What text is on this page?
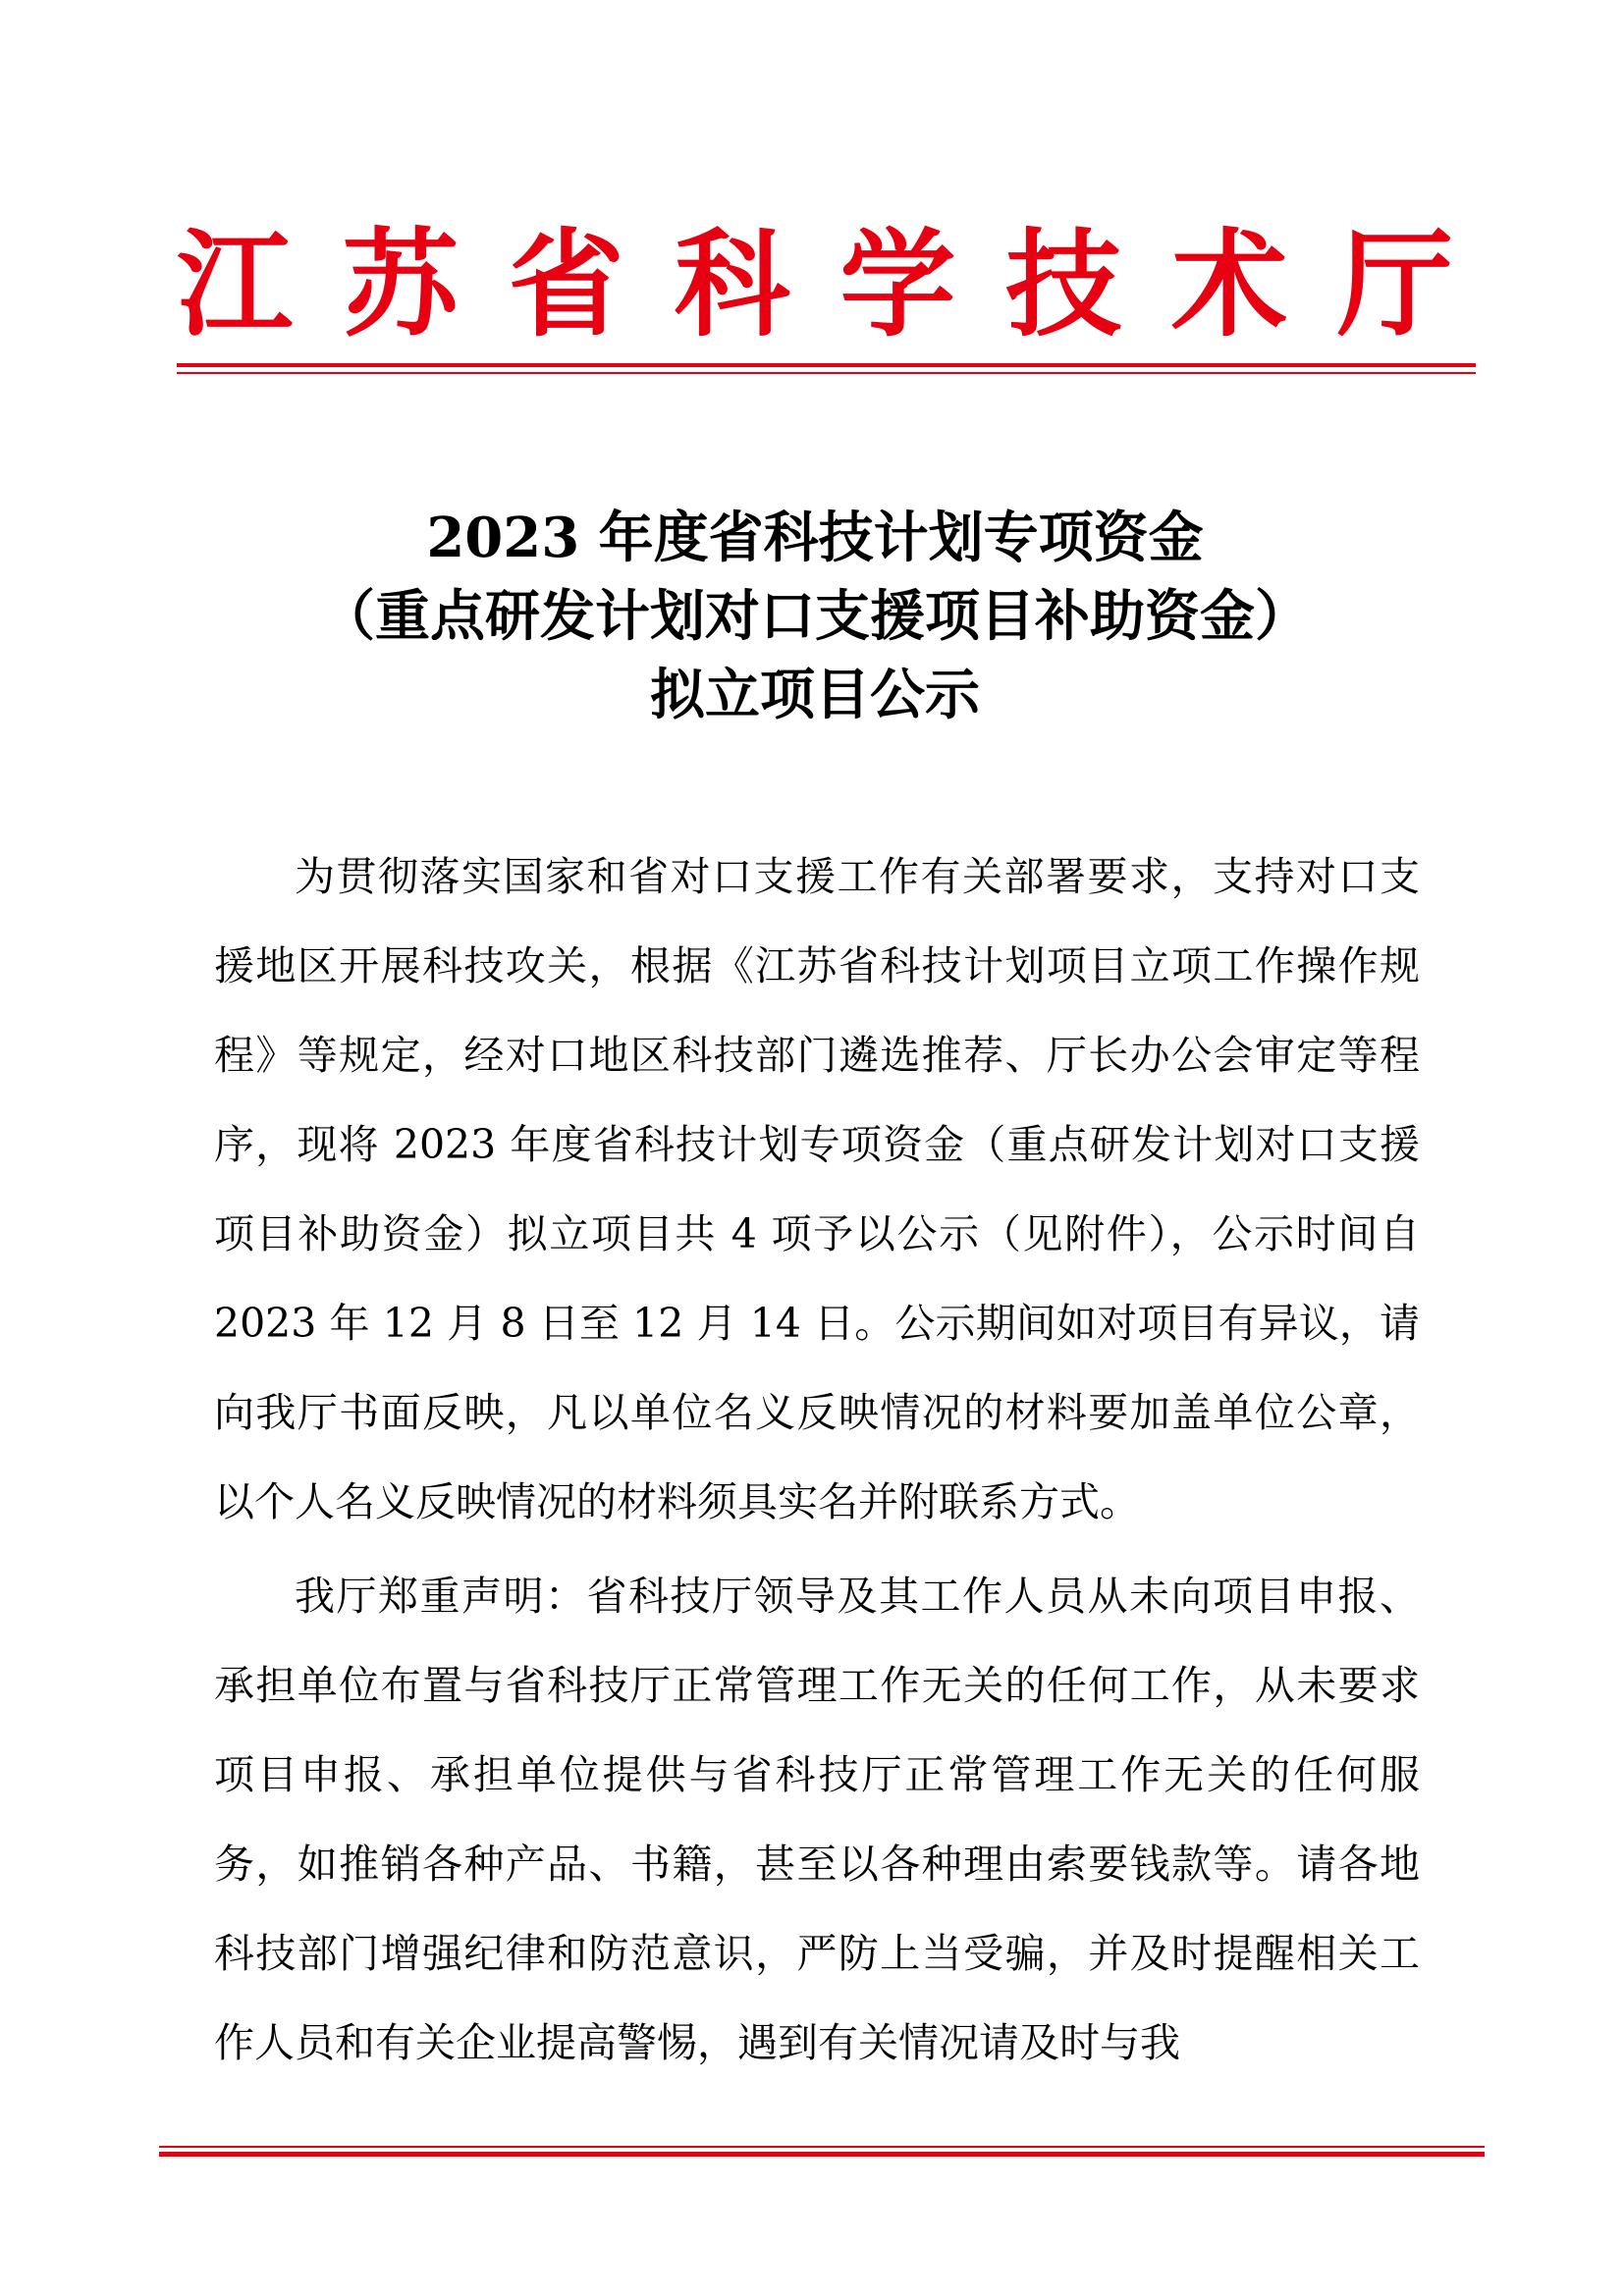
江 苏 省 科 学 技 术 厅
2023 年度省科技计划专项资金
（重点研发计划对口支援项目补助资金）
拟立项目公示

为贯彻落实国家和省对口支援工作有关部署要求，支持对口支援地区开展科技攻关，根据《江苏省科技计划项目立项工作操作规程》等规定，经对口地区科技部门遴选推荐、厅长办公会审定等程序，现将 2023 年度省科技计划专项资金（重点研发计划对口支援项目补助资金）拟立项目共 4 项予以公示（见附件），公示时间自 2023 年 12 月 8 日至 12 月 14 日。公示期间如对项目有异议，请向我厅书面反映，凡以单位名义反映情况的材料要加盖单位公章，以个人名义反映情况的材料须具实名并附联系方式。

我厅郑重声明：省科技厅领导及其工作人员从未向项目申报、承担单位布置与省科技厅正常管理工作无关的任何工作，从未要求项目申报、承担单位提供与省科技厅正常管理工作无关的任何服务，如推销各种产品、书籍，甚至以各种理由索要钱款等。请各地科技部门增强纪律和防范意识，严防上当受骗，并及时提醒相关工作人员和有关企业提高警惕，遇到有关情况请及时与我
